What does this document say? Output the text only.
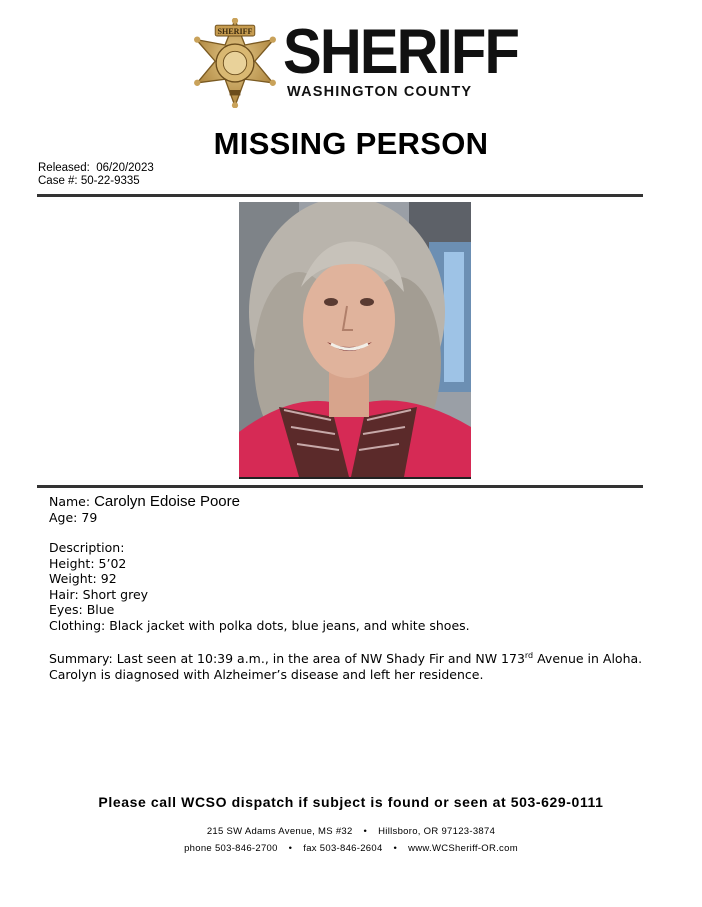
SHERIFF SHERIFF
WASHINGTON COUNTY
MISSING PERSON
Released: 06/20/2023
Case #: 50-22-9335
Name: Carolyn Edoise Poore
Age: 79
Description:
Height: 5’02
Weight: 92
Hair: Short grey
Eyes: Blue
Clothing: Black jacket with polka dots, blue jeans, and white shoes.
Summary: Last seen at 10:39 a.m., in the area of NW Shady Fir and NW 173rd Avenue in Aloha. Carolyn is diagnosed with Alzheimer’s disease and left her residence.
Please call WCSO dispatch if subject is found or seen at 503-629-0111
215 SW Adams Avenue, MS #32 • Hillsboro, OR 97123-3874
phone 503-846-2700 • fax 503-846-2604 • www.WCSheriff-OR.com
